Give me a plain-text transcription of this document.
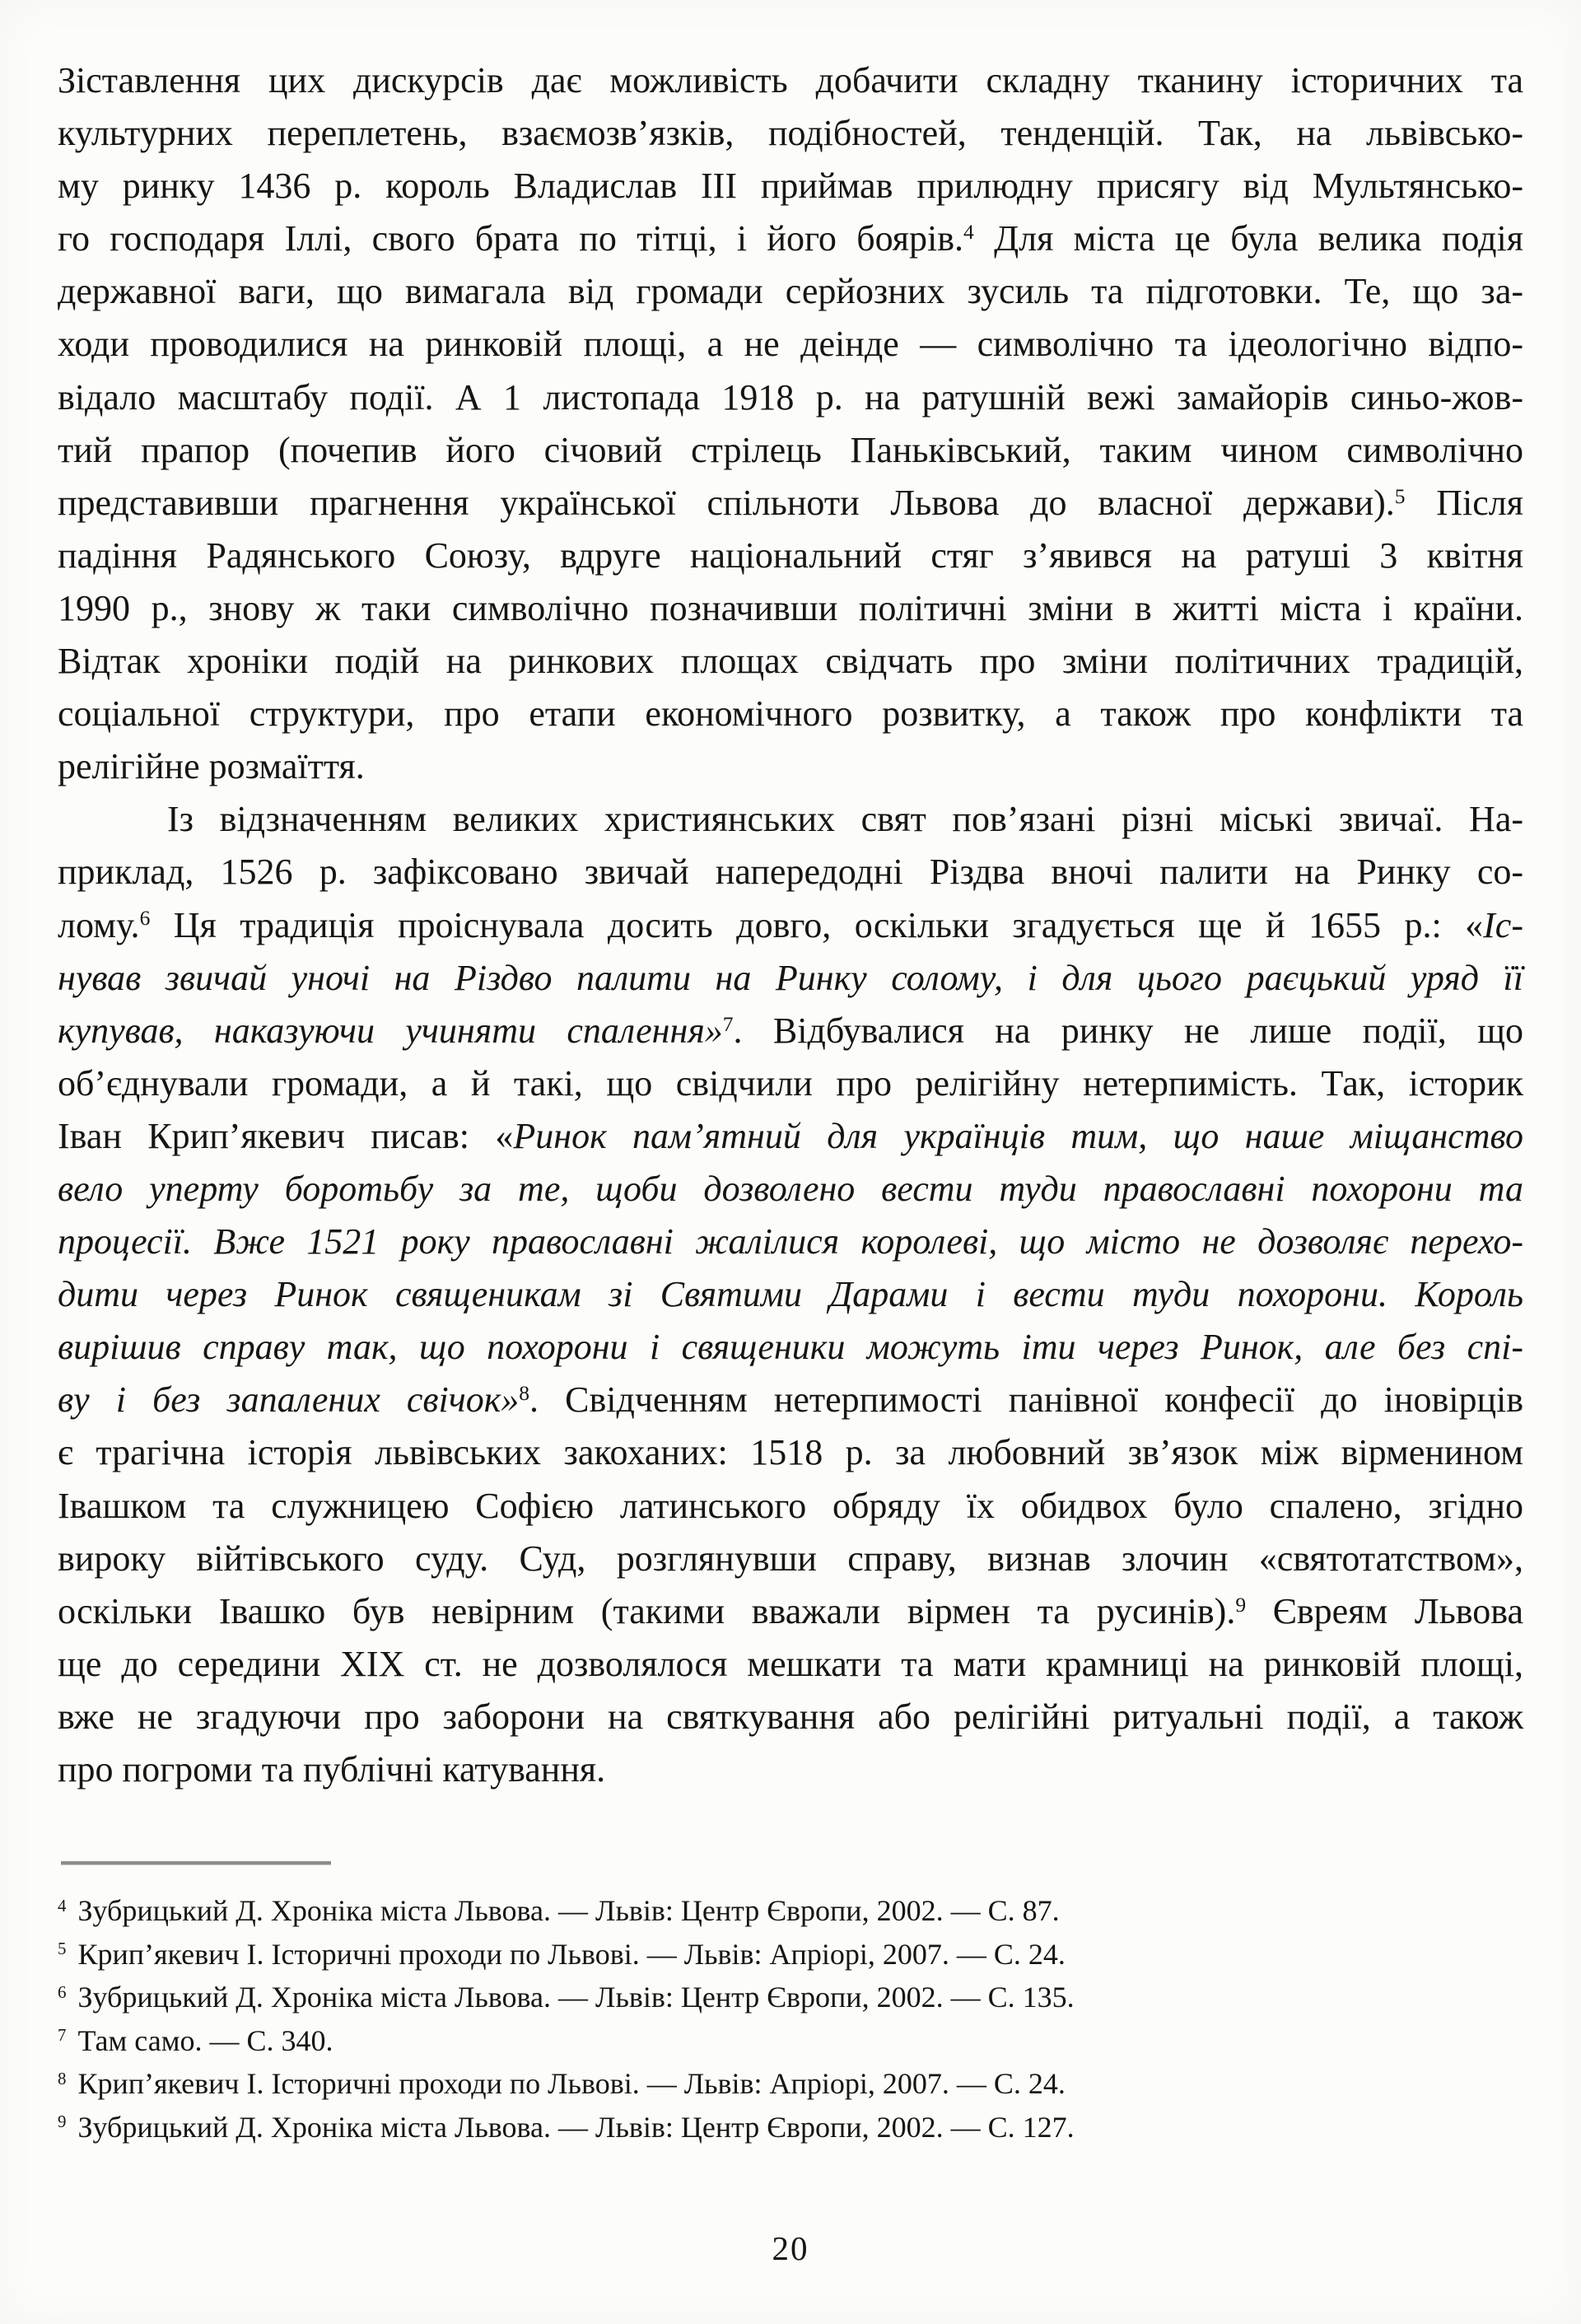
Зіставлення цих дискурсів дає можливість добачити складну тканину історичних та
культурних переплетень, взаємозв’язків, подібностей, тенденцій. Так, на львівсько-
му ринку 1436 р. король Владислав ІІІ приймав прилюдну присягу від Мультянсько-
го господаря Іллі, свого брата по тітці, і його боярів.$^4$ Для міста це була велика подія
державної ваги, що вимагала від громади серйозних зусиль та підготовки. Те, що за-
ходи проводилися на ринковій площі, а не деінде — символічно та ідеологічно відпо-
відало масштабу події. А 1 листопада 1918 р. на ратушній вежі замайорів синьо-жов-
тий прапор (почепив його січовий стрілець Паньківський, таким чином символічно
представивши прагнення української спільноти Львова до власної держави).$^5$ Після
падіння Радянського Союзу, вдруге національний стяг з’явився на ратуші 3 квітня
1990 р., знову ж таки символічно позначивши політичні зміни в житті міста і країни.
Відтак хроніки подій на ринкових площах свідчать про зміни політичних традицій,
соціальної структури, про етапи економічного розвитку, а також про конфлікти та
релігійне розмаїття.
Із відзначенням великих християнських свят пов’язані різні міські звичаї. На-
приклад, 1526 р. зафіксовано звичай напередодні Різдва вночі палити на Ринку со-
лому.$^6$ Ця традиція проіснувала досить довго, оскільки згадується ще й 1655 р.: «Іс-
нував звичай уночі на Різдво палити на Ринку солому, і для цього раєцький уряд її
купував, наказуючи учиняти спалення»$^7$. Відбувалися на ринку не лише події, що
об’єднували громади, а й такі, що свідчили про релігійну нетерпимість. Так, історик
Іван Крип’якевич писав: «Ринок пам’ятний для українців тим, що наше міщанство
вело уперту боротьбу за те, щоби дозволено вести туди православні похорони та
процесії. Вже 1521 року православні жалілися королеві, що місто не дозволяє перехо-
дити через Ринок священикам зі Святими Дарами і вести туди похорони. Король
вирішив справу так, що похорони і священики можуть іти через Ринок, але без спі-
ву і без запалених свічок»$^8$. Свідченням нетерпимості панівної конфесії до іновірців
є трагічна історія львівських закоханих: 1518 р. за любовний зв’язок між вірменином
Івашком та служницею Софією латинського обряду їх обидвох було спалено, згідно
вироку війтівського суду. Суд, розглянувши справу, визнав злочин «святотатством»,
оскільки Івашко був невірним (такими вважали вірмен та русинів).$^9$ Євреям Львова
ще до середини XIX ст. не дозволялося мешкати та мати крамниці на ринковій площі,
вже не згадуючи про заборони на святкування або релігійні ритуальні події, а також
про погроми та публічні катування.
$^4$ Зубрицький Д. Хроніка міста Львова. — Львів: Центр Європи, 2002. — С. 87.
$^5$ Крип’якевич І. Історичні проходи по Львові. — Львів: Апріорі, 2007. — С. 24.
$^6$ Зубрицький Д. Хроніка міста Львова. — Львів: Центр Європи, 2002. — С. 135.
$^7$ Там само. — С. 340.
$^8$ Крип’якевич І. Історичні проходи по Львові. — Львів: Апріорі, 2007. — С. 24.
$^9$ Зубрицький Д. Хроніка міста Львова. — Львів: Центр Європи, 2002. — С. 127.
20
